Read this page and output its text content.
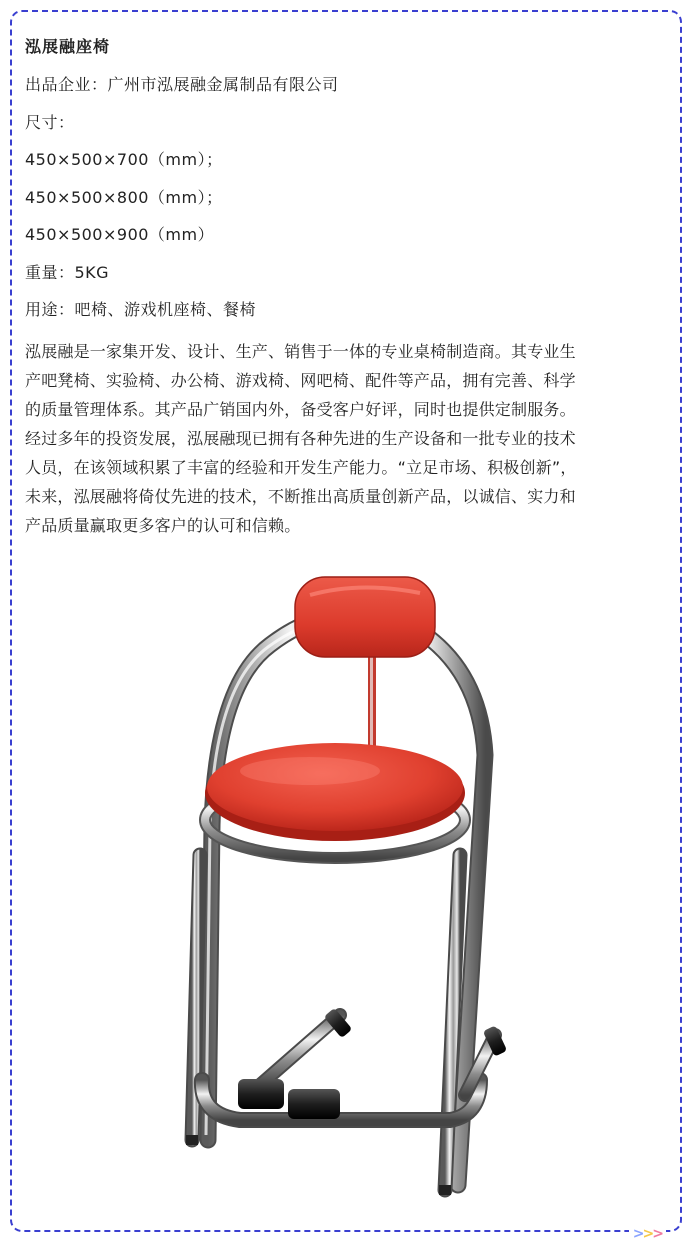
泓展融座椅
出品企业：广州市泓展融金属制品有限公司
尺寸：
450×500×700（mm）；
450×500×800（mm）；
450×500×900（mm）
重量：5KG
用途：吧椅、游戏机座椅、餐椅
泓展融是一家集开发、设计、生产、销售于一体的专业桌椅制造商。其专业生
产吧凳椅、实验椅、办公椅、游戏椅、网吧椅、配件等产品，拥有完善、科学
的质量管理体系。其产品广销国内外，备受客户好评，同时也提供定制服务。
经过多年的投资发展，泓展融现已拥有各种先进的生产设备和一批专业的技术
人员，在该领域积累了丰富的经验和开发生产能力。“立足市场、积极创新”，
未来，泓展融将倚仗先进的技术，不断推出高质量创新产品，以诚信、实力和
产品质量赢取更多客户的认可和信赖。
>>>
